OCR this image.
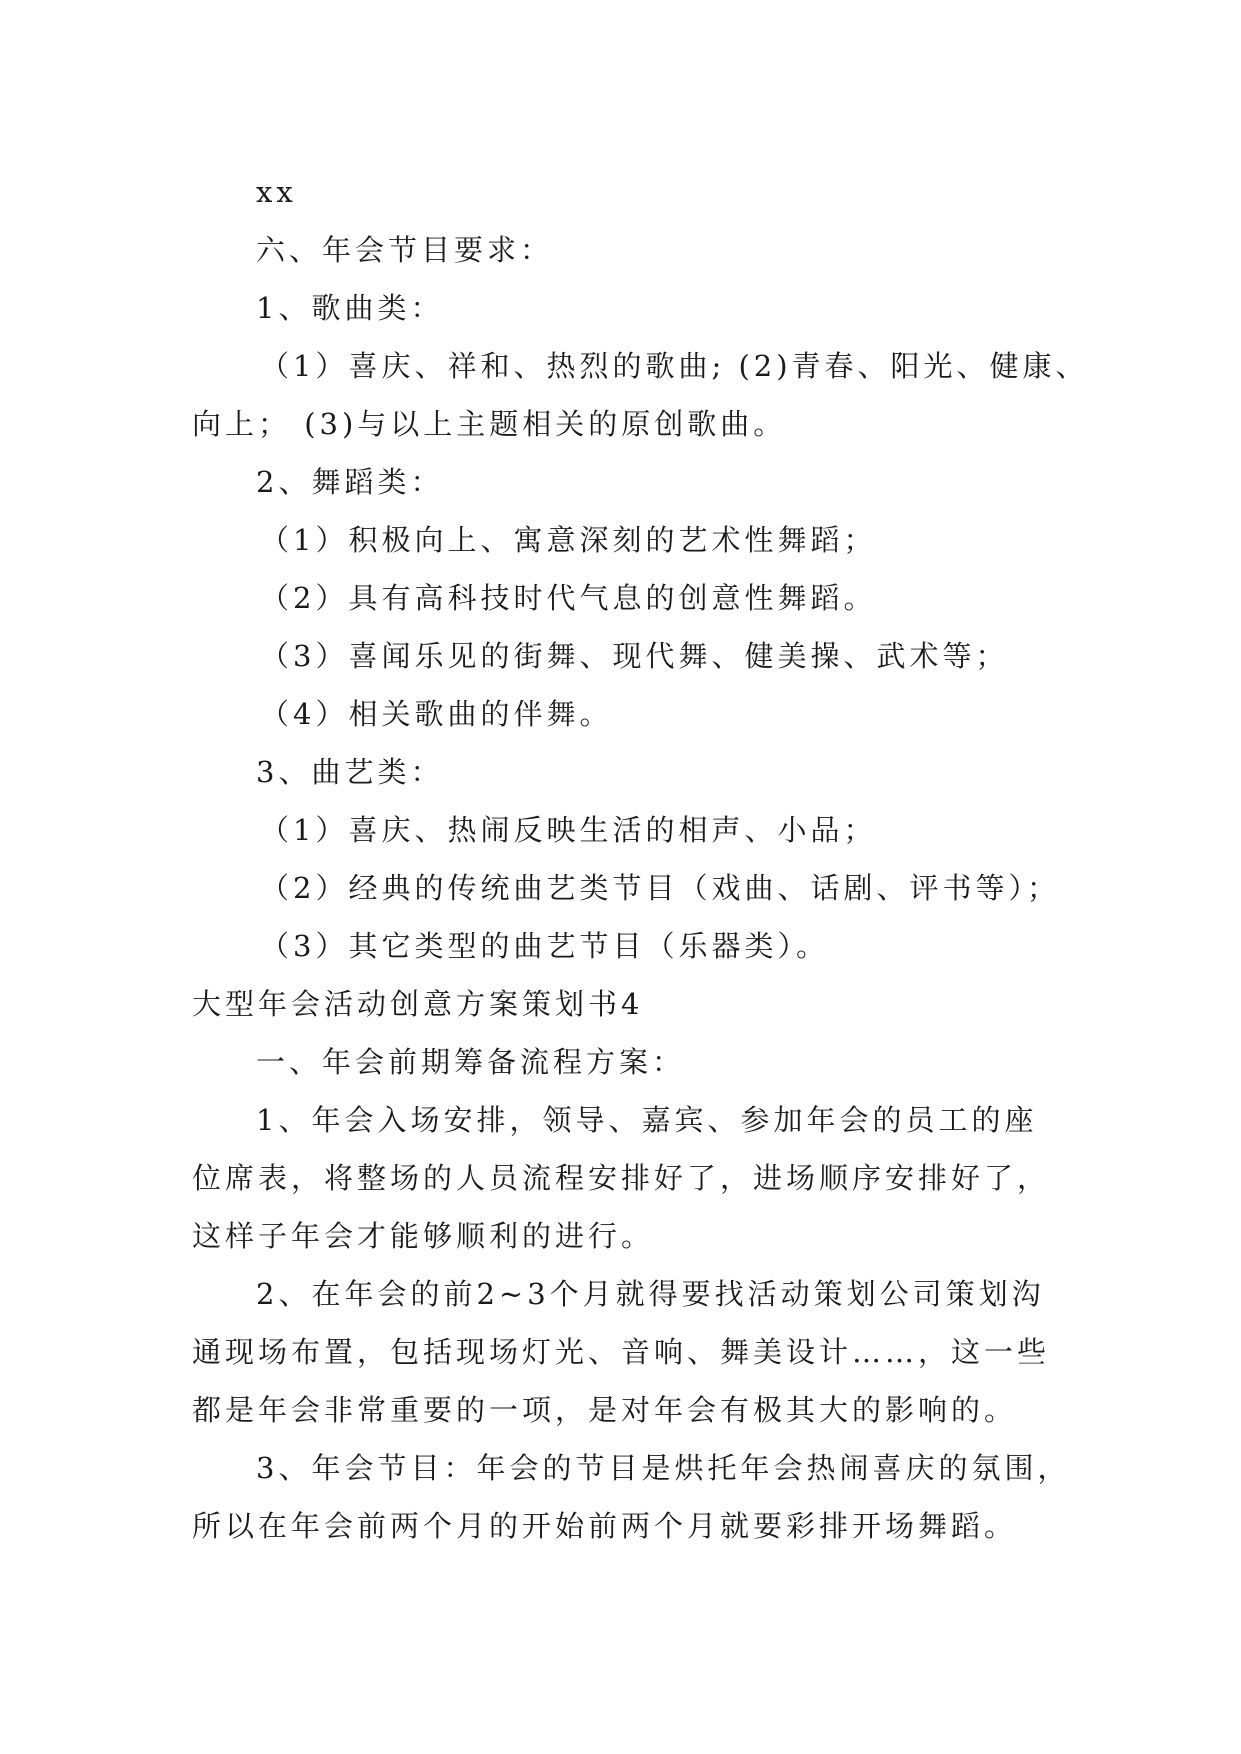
xx
六、年会节目要求：
1、歌曲类：
（1）喜庆、祥和、热烈的歌曲; (2)青春、阳光、健康、
向上； (3)与以上主题相关的原创歌曲。
2、舞蹈类：
（1）积极向上、寓意深刻的艺术性舞蹈；
（2）具有高科技时代气息的创意性舞蹈。
（3）喜闻乐见的街舞、现代舞、健美操、武术等；
（4）相关歌曲的伴舞。
3、曲艺类：
（1）喜庆、热闹反映生活的相声、小品；
（2）经典的传统曲艺类节目（戏曲、话剧、评书等）；
（3）其它类型的曲艺节目（乐器类）。
大型年会活动创意方案策划书4
一、年会前期筹备流程方案：
1、年会入场安排，领导、嘉宾、参加年会的员工的座
位席表，将整场的人员流程安排好了，进场顺序安排好了，
这样子年会才能够顺利的进行。
2、在年会的前2~3个月就得要找活动策划公司策划沟
通现场布置，包括现场灯光、音响、舞美设计……，这一些
都是年会非常重要的一项，是对年会有极其大的影响的。
3、年会节目：年会的节目是烘托年会热闹喜庆的氛围，
所以在年会前两个月的开始前两个月就要彩排开场舞蹈。
